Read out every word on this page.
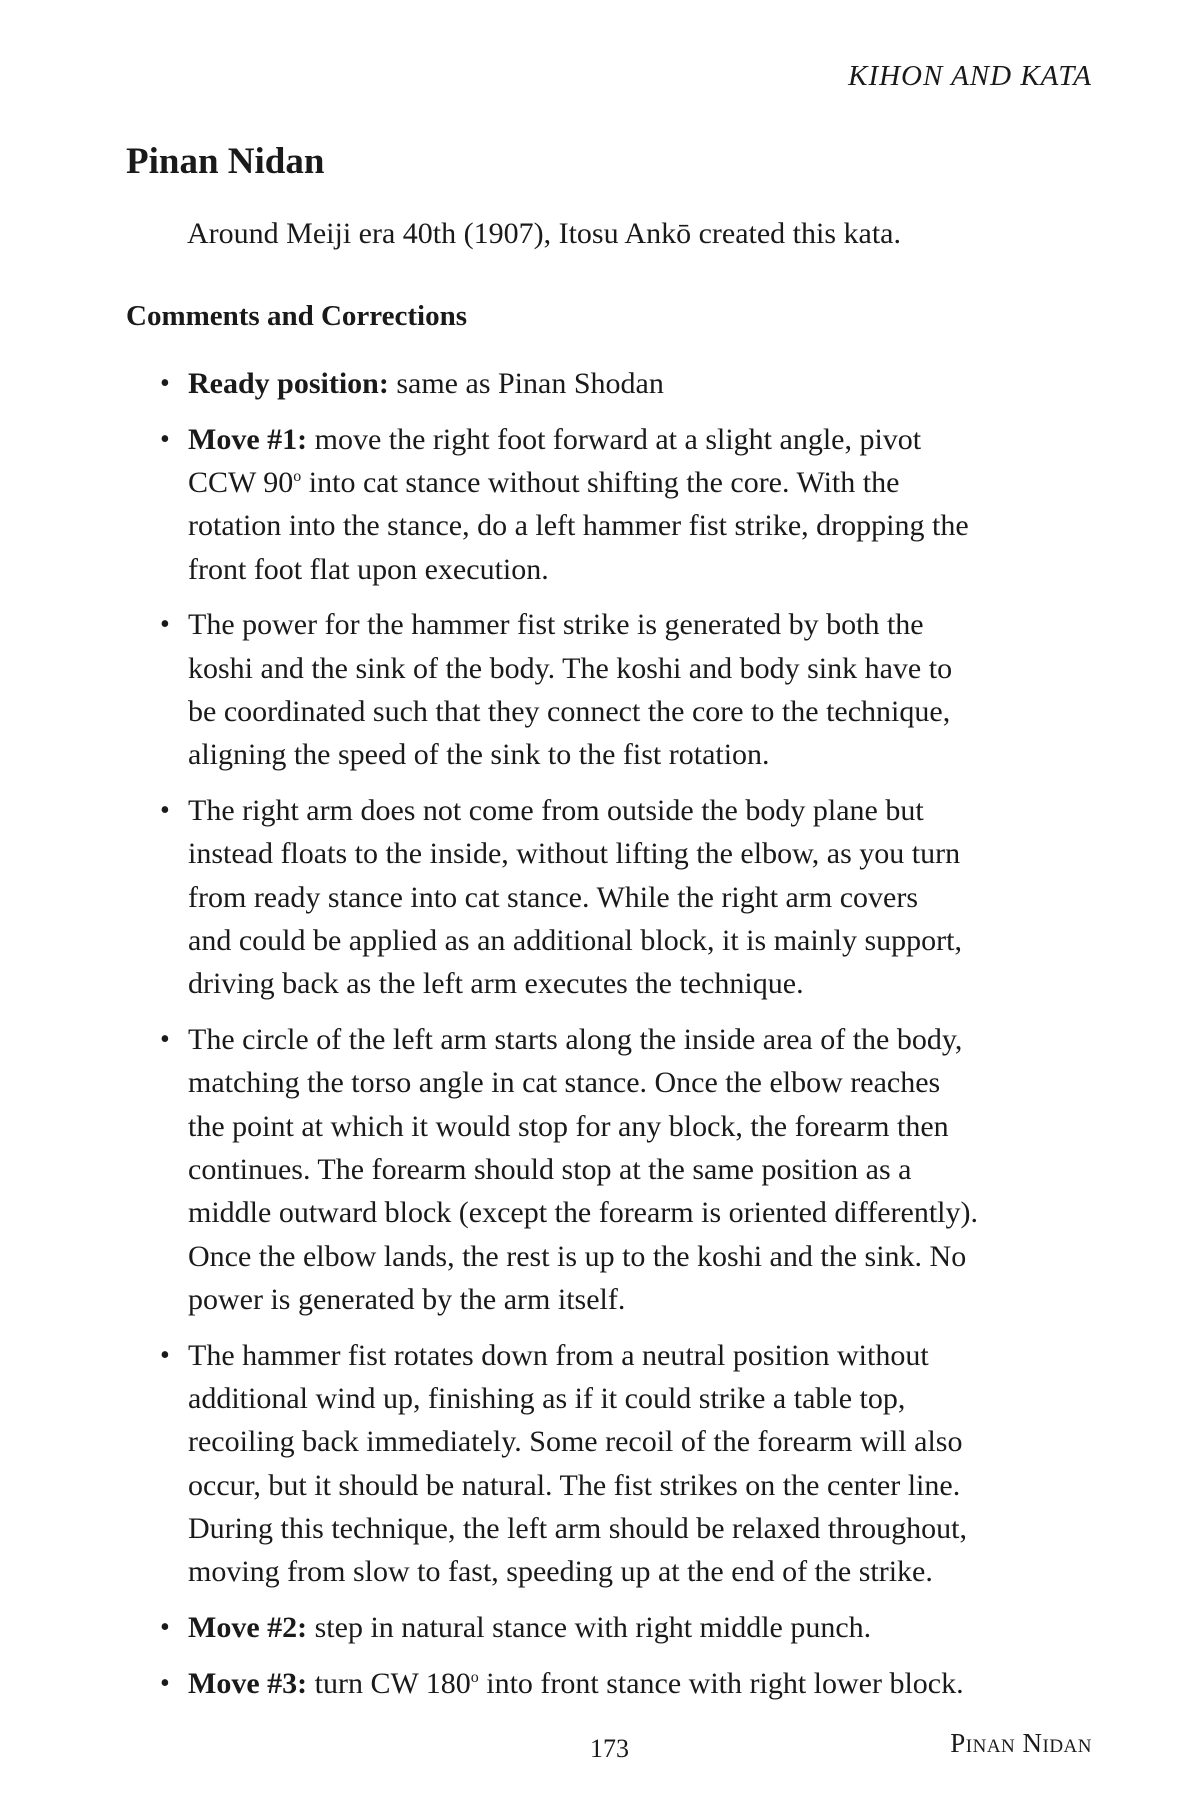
KIHON AND KATA
Pinan Nidan

Around Meiji era 40th (1907), Itosu Ankō created this kata.

Comments and Corrections
• Ready position: same as Pinan Shodan
• Move #1: move the right foot forward at a slight angle, pivot
CCW 90$^o$ into cat stance without shifting the core. With the
rotation into the stance, do a left hammer fist strike, dropping the
front foot flat upon execution.
• The power for the hammer fist strike is generated by both the
koshi and the sink of the body. The koshi and body sink have to
be coordinated such that they connect the core to the technique,
aligning the speed of the sink to the fist rotation.
• The right arm does not come from outside the body plane but
instead floats to the inside, without lifting the elbow, as you turn
from ready stance into cat stance. While the right arm covers
and could be applied as an additional block, it is mainly support,
driving back as the left arm executes the technique.
• The circle of the left arm starts along the inside area of the body,
matching the torso angle in cat stance. Once the elbow reaches
the point at which it would stop for any block, the forearm then
continues. The forearm should stop at the same position as a
middle outward block (except the forearm is oriented differently).
Once the elbow lands, the rest is up to the koshi and the sink. No
power is generated by the arm itself.
• The hammer fist rotates down from a neutral position without
additional wind up, finishing as if it could strike a table top,
recoiling back immediately. Some recoil of the forearm will also
occur, but it should be natural. The fist strikes on the center line.
During this technique, the left arm should be relaxed throughout,
moving from slow to fast, speeding up at the end of the strike.
• Move #2: step in natural stance with right middle punch.
• Move #3: turn CW 180$^o$ into front stance with right lower block.
173	Pinan Nidan
